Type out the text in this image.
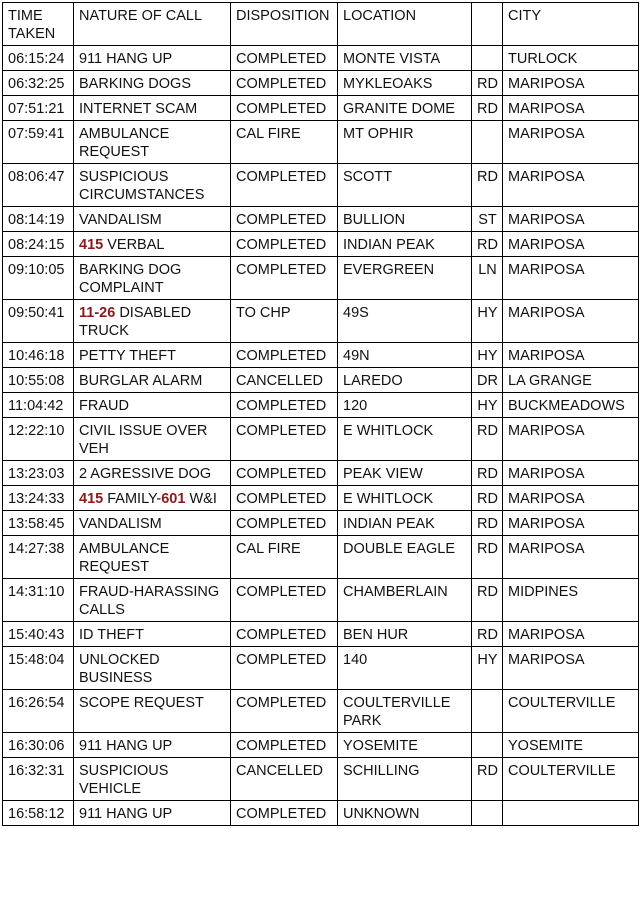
TIME TAKEN	NATURE OF CALL	DISPOSITION	LOCATION		CITY
06:15:24	911 HANG UP	COMPLETED	MONTE VISTA		TURLOCK
06:32:25	BARKING DOGS	COMPLETED	MYKLEOAKS	RD	MARIPOSA
07:51:21	INTERNET SCAM	COMPLETED	GRANITE DOME	RD	MARIPOSA
07:59:41	AMBULANCE REQUEST	CAL FIRE	MT OPHIR		MARIPOSA
08:06:47	SUSPICIOUS CIRCUMSTANCES	COMPLETED	SCOTT	RD	MARIPOSA
08:14:19	VANDALISM	COMPLETED	BULLION	ST	MARIPOSA
08:24:15	415 VERBAL	COMPLETED	INDIAN PEAK	RD	MARIPOSA
09:10:05	BARKING DOG COMPLAINT	COMPLETED	EVERGREEN	LN	MARIPOSA
09:50:41	11-26 DISABLED TRUCK	TO CHP	49S	HY	MARIPOSA
10:46:18	PETTY THEFT	COMPLETED	49N	HY	MARIPOSA
10:55:08	BURGLAR ALARM	CANCELLED	LAREDO	DR	LA GRANGE
11:04:42	FRAUD	COMPLETED	120	HY	BUCKMEADOWS
12:22:10	CIVIL ISSUE OVER VEH	COMPLETED	E WHITLOCK	RD	MARIPOSA
13:23:03	2 AGRESSIVE DOG	COMPLETED	PEAK VIEW	RD	MARIPOSA
13:24:33	415 FAMILY-601 W&I	COMPLETED	E WHITLOCK	RD	MARIPOSA
13:58:45	VANDALISM	COMPLETED	INDIAN PEAK	RD	MARIPOSA
14:27:38	AMBULANCE REQUEST	CAL FIRE	DOUBLE EAGLE	RD	MARIPOSA
14:31:10	FRAUD-HARASSING CALLS	COMPLETED	CHAMBERLAIN	RD	MIDPINES
15:40:43	ID THEFT	COMPLETED	BEN HUR	RD	MARIPOSA
15:48:04	UNLOCKED BUSINESS	COMPLETED	140	HY	MARIPOSA
16:26:54	SCOPE REQUEST	COMPLETED	COULTERVILLE PARK		COULTERVILLE
16:30:06	911 HANG UP	COMPLETED	YOSEMITE		YOSEMITE
16:32:31	SUSPICIOUS VEHICLE	CANCELLED	SCHILLING	RD	COULTERVILLE
16:58:12	911 HANG UP	COMPLETED	UNKNOWN		
